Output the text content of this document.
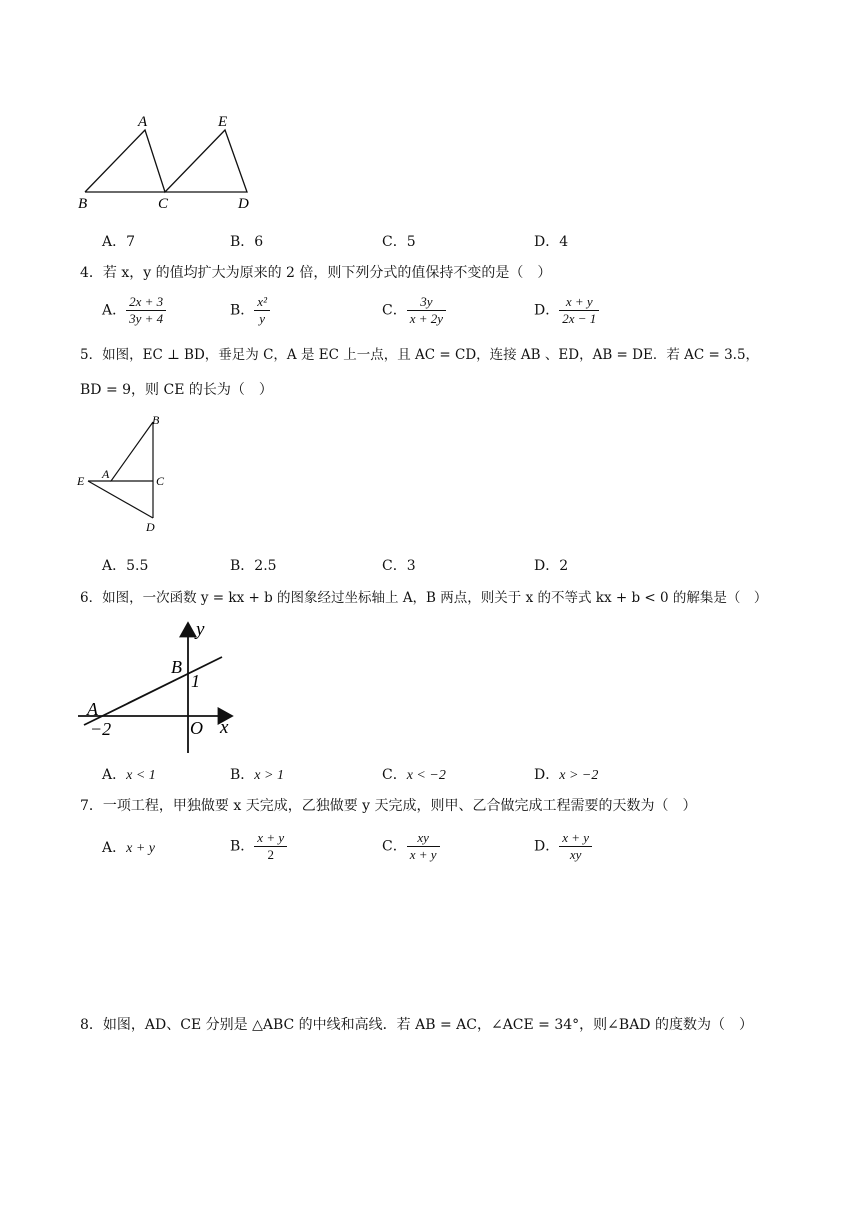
A	E
B	C	D
A．7	B．6	C．5	D．4
4．若 x，y 的值均扩大为原来的 2 倍，则下列分式的值保持不变的是（　）
A． $\frac{2x + 3}{3y + 4}$	B． $\frac{\text{x²}}{y}$	C． $\frac{3y}{x + 2y}$	D． $\frac{x + y}{2x - 1}$
5．如图，EC ⊥ BD，垂足为 C，A 是 EC 上一点，且 AC = CD，连接 AB 、ED，AB = DE．若 AC = 3.5，
BD = 9，则 CE 的长为（　）
B
E A	C
D
A．5.5	B．2.5	C．3	D．2
6．如图，一次函数 y = kx + b 的图象经过坐标轴上 A，B 两点，则关于 x 的不等式 kx + b < 0 的解集是（　）
y
x
B
1
A
−2	O
A．x < 1	B．x > 1	C．x < −2	D．x > −2
7．一项工程，甲独做要 x 天完成，乙独做要 y 天完成，则甲、乙合做完成工程需要的天数为（　）
A．x + y	B． $\frac{x + y}{2}$	C． $\frac{xy}{x + y}$	D． $\frac{x + y}{xy}$
8．如图，AD、CE 分别是 △ABC 的中线和高线．若 AB = AC，∠ACE = 34°，则∠BAD 的度数为（　）
